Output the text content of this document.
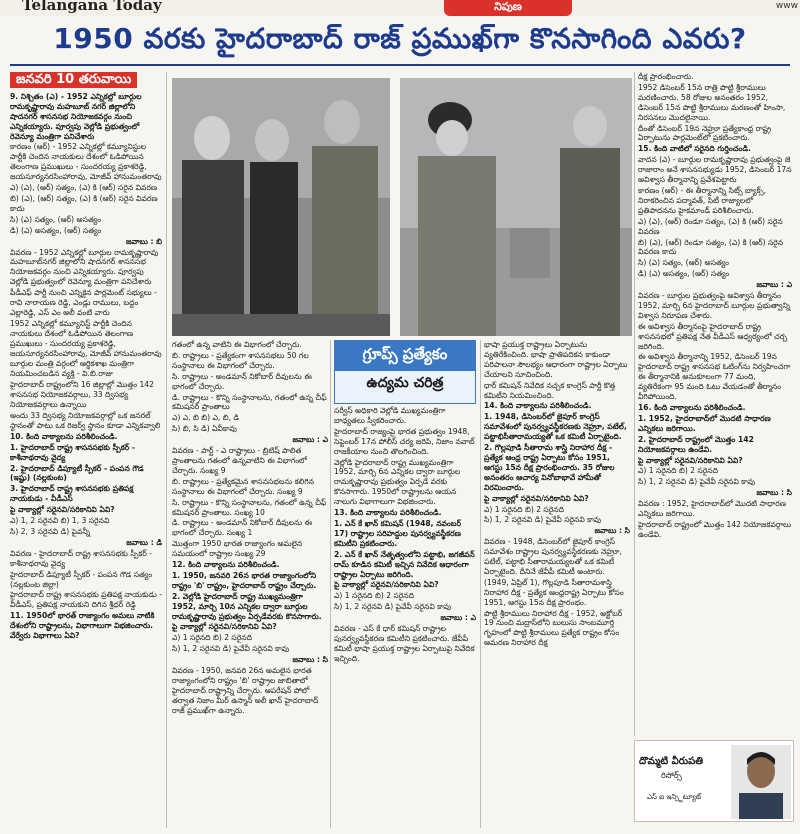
Telangana Today	నిపుణ	www
1950 వరకు హైదరాబాద్ రాజ్ ప్రముఖ్‌గా కొనసాగింది ఎవరు?
జనవరి 10 తరువాయి

9. నిశ్చితం (ఎ) - 1952 ఎన్నికల్లో బూర్గుల రామకృష్ణారావు మహబూబ్ నగర్ జిల్లాలోని షాదనగర్ శాసనసభ నియోజకవర్గం నుంచి ఎన్నికయ్యారు. పూర్వపు వెల్లోడి ప్రభుత్వంలో రెవెన్యూ మంత్రిగా పనిచేశారు

కారణం (ఆర్) - 1952 ఎన్నికల్లో కమ్యూనిస్టుల పార్టీకి చెందిన నాయకులు దేశంలో ఓడిపోయిన తెలంగాణ ప్రముఖులు - సుందరయ్య ప్రకాశరెడ్డి, జయసూర్య‌నరసింహారావు, మోజీవ్ హానుమంతరావు

ఎ) (ఎ), (ఆర్) సత్యం, (ఎ) కి (ఆర్) సరైన వివరణ

బి) (ఎ), (ఆర్) సత్యం, (ఎ) కి (ఆర్) సరైన వివరణ కాదు

సి) (ఎ) సత్యం, (ఆర్) అసత్యం

డి) (ఎ) అసత్యం, (ఆర్) సత్యం

జవాబు : బి

వివరణ - 1952 ఎన్నికల్లో బూర్గుల రామకృష్ణారావు మహబూబ్‌నగర్ జిల్లాలోని షాదనగర్ శాసనసభ నియోజకవర్గం నుంచి ఎన్నికయ్యారు. పూర్వపు వెల్లోడి ప్రభుత్వంలో రెవెన్యూ మంత్రిగా పనిచేశారు

పీడీఎఫ్ పార్టీ నుంచి ఎన్నికైన పార్లమెంట్ సభ్యులు - రావి నారాయణ రెడ్డి, ఎండ్లు రాములు, బద్దం ఎల్లారెడ్డి, ఎస్ ఎం అలీ వంటి వారు

1952 ఎన్నికల్లో కమ్యూనిస్ట్ పార్టీకి చెందిన నాయకులు దేశంలో ఓడిపోయిన తెలంగాణ ప్రముఖులు - సుందరయ్య ప్రకాశరెడ్డి, జయసూర్య‌నరసింహారావు, మోజీవ్ హానుమంతరావు

బూర్గుల మంత్రి వర్గంలో ఆర్థికశాఖ మంత్రిగా నియమించబడిన వ్యక్తి - వి.బి.రాజు

హైదరాబాద్ రాష్ట్రంలోని 16 జిల్లాల్లో మొత్తం 142 శాసనసభ నియోజకవర్గాలు, 33 ద్విసభ్య నియోజకవర్గాలు ఉన్నాయి

అందు 33 ద్విసభ్య నియోజకవర్గాల్లో ఒక జనరల్ స్థానంతో పాటు ఒక రిజర్వ్ స్థానం కూడా ఎన్నికవ్వాలి

10. కింది వాక్యాలను పరిశీలించండి.

1. హైదరాబాద్ రాష్ట్ర శాసనసభకు స్పీకర్ - కాశీనాథరావు వైద్య

2. హైదరాబాద్ డిప్యూటీ స్పీకర్ - పంపన గౌడ (ఇష్టు) (నల్లకుంట)

3. హైదరాబాద్ రాష్ట్ర శాసనసభకు ప్రతిపక్ష నాయకుడు - వీడీఎస్

పై వాక్యాల్లో సరైనవి/సరికానివి ఏవి?

ఎ) 1, 2 సరైనవి బి) 1, 3 సరైనవి

సి) 2, 3 సరైనవి డి) పైవన్నీ

జవాబు : డి

వివరణ - హైదరాబాద్ రాష్ట్ర శాసనసభకు స్పీకర్ - కాశీనాథరావు వైద్య

హైదరాబాద్ డిప్యూటీ స్పీకర్ - పంపన గౌడ సత్యం (నల్లకుంట జిల్లా)

హైదరాబాద్ రాష్ట్ర శాసనసభకు ప్రతిపక్ష నాయకుడు - వీడీఎస్, ప్రతిపక్ష నాయకుని దిగిన శ్రీధర్ రెడ్డి

11. 1950లో భారత్ రాజ్యాంగం అమలు నాటికి దేశంలోని రాష్ట్రాలను, విభాగాలుగా విభజించారు. వేర్వేరు విభాగాలు ఏవి?

గ్రూప్స్ ప్రత్యేకం
ఉద్యమ చరిత్ర

గతంలో ఉన్న వాటిని ఈ విభాగంలో చేర్చారు.

బి. రాష్ట్రాలు - ప్రత్యేకంగా శాసనసభలు 50 గల సంస్థానాలు ఈ విభాగంలో చేర్చారు.

సి. రాష్ట్రాలు - అండమాన్ నికోబార్ దీవులను ఈ భాగంలో చేర్చారు.

డి. రాష్ట్రాలు - కొన్ని సంస్థానాలను, గతంలో ఉన్న చీఫ్ కమిషనర్ ప్రాంతాలు

ఎ) ఎ, బి బి) ఎ, బి, డి

సి) బి, సి డి) ఏవీకావు

జవాబు : ఎ

వివరణ - పార్ట్ - ఎ రాష్ట్రాలు - బ్రిటిష్ పాలిత ప్రాంతాలను గతంలో ఉన్నవాటిని ఈ విభాగంలో చేర్చారు. సంఖ్య 9

బి. రాష్ట్రాలు - ప్రత్యేకమైన శాసనసభలను కలిగిన సంస్థానాలు ఈ విభాగంలో చేర్చారు. సంఖ్య 9

సి. రాష్ట్రాలు - కొన్ని సంస్థానాలను, గతంలో ఉన్న చీఫ్ కమిషనర్ ప్రాంతాలు. సంఖ్య 10

డి. రాష్ట్రాలు - అండమాన్ నికోబార్ దీవులను ఈ భాగంలో చేర్చారు. సంఖ్య 1

మొత్తంగా 1950 భారత రాజ్యాంగం అమలైన సమయంలో రాష్ట్రాల సంఖ్య 29

12. కింది వాక్యాలను పరిశీలించండి.

1. 1950, జనవరి 26న భారత రాజ్యాంగంలోని రాష్ట్రం 'బి' రాష్ట్రం, హైదరాబాద్‌ రాష్ట్రం చేర్చారు.

2. వెల్లోడి హైదరాబాద్ రాష్ట్ర ముఖ్యమంత్రిగా 1952, మార్చి 10న ఎన్నికల ద్వారా బూర్గుల రామకృష్ణారావు ప్రభుత్వం ఏర్పడేవరకు కొనసాగారు.

పై వాక్యాల్లో సరైనవి/సరికానివి ఏవి?

ఎ) 1 సరైనది బి) 2 సరైనది

సి) 1, 2 సరైనవి డి) పైవేవీ సరైనవి కావు

జవాబు : సి

వివరణ - 1950, జనవరి 26న అమలైన భారత రాజ్యాంగంలోని రాష్ట్రం 'బి' రాష్ట్రాల జాబితాలో హైదరాబాద్ రాష్ట్రాన్ని చేర్చారు. ఆపరేషన్ పోలో తర్వాత నిజాం మీర్ ఉస్మాన్ అలీ ఖాన్ హైదరాబాద్ రాజ్ ప్రముఖ్‌గా ఉన్నారు.

సర్వీస్ అధికారి వెల్లోడి ముఖ్యమంత్రిగా బాధ్యతలు స్వీకరించారు.

హైదరాబాద్ రాజ్యంపై భారత ప్రభుత్వం 1948, సెప్టెంబర్ 17న పోలీస్ చర్య జరిపి, నిజాం నవాబ్ రాజకీయాల నుంచి తొలగించింది.

వెల్లోడి హైదరాబాద్ రాష్ట్ర ముఖ్యమంత్రిగా 1952, మార్చి 6న ఎన్నికల ద్వారా బూర్గుల రామకృష్ణారావు ప్రభుత్వం ఏర్పడే వరకు కొనసాగారు. 1950లో రాష్ట్రాలను ఆయన నాలుగు విభాగాలుగా విభజించారు.

13. కింది వాక్యాలను పరిశీలించండి.

1. ఎన్ కే ఖాన్ కమిషన్ (1948, నవంబర్ 17) రాష్ట్రాల సరిహద్దుల పునర్వ్యవస్థీకరణ కమిటీని ప్రకటించారు.

2. ఎన్ కే ఖాన్ నేతృత్వంలోని పట్టాభి, జగజీవన్ రామ్ కూడిన కమిటీ ఇచ్చిన నివేదిక ఆధారంగా రాష్ట్రాల ఏర్పాటు జరిగింది.

పై వాక్యాల్లో సరైనవి/సరికానివి ఏవి?

ఎ) 1 సరైనది బి) 2 సరైనది

సి) 1, 2 సరైనవి డి) పైవేవీ సరైనవి కావు

జవాబు : ఎ

వివరణ - ఎస్ కే ధార్ కమిషన్ రాష్ట్రాల పునర్వ్యవస్థీకరణ కమిటీని ప్రకటించారు. జేవీపీ కమిటీ భాషా ప్రయుక్త రాష్ట్రాల ఏర్పాటుపై నివేదిక ఇచ్చింది.

భాషా ప్రయుక్త రాష్ట్రాలు ఏర్పాటును వ్యతిరేకించింది. భాషా ప్రాతిపదికన కాకుండా పరిపాలనా సౌలభ్యం ఆధారంగా రాష్ట్రాల ఏర్పాటు చేయాలని సూచించింది.

ధార్ కమిషన్ నివేదిక నచ్చక కాంగ్రెస్ పార్టీ కొత్త కమిటీని నియమించింది.

14. కింది వాక్యాలను పరిశీలించండి.

1. 1948, డిసెంబర్‌లో జైపూర్ కాంగ్రెస్ సమావేశంలో పునర్వ్యవస్థీకరణకు నెహ్రూ, పటేల్, పట్టాభిసీతారామయ్యతో ఒక కమిటీ ఏర్పాటైంది.

2. గొల్లపూడి సీతారామ శాస్త్రి నిరాహార దీక్ష - ప్రత్యేక ఆంధ్ర రాష్ట్ర ఏర్పాటు కోసం 1951, ఆగస్టు 15న దీక్ష ప్రారంభించారు. 35 రోజుల అనంతరం ఆచార్య వినోబాభావే హామీతో విరమించారు.

పై వాక్యాల్లో సరైనవి/సరికానివి ఏవి?

ఎ) 1 సరైనది బి) 2 సరైనది

సి) 1, 2 సరైనవి డి) పైవేవీ సరైనవి కావు

జవాబు : సి

వివరణ - 1948, డిసెంబర్‌లో జైపూర్ కాంగ్రెస్ సమావేశం రాష్ట్రాల పునర్వ్యవస్థీకరణకు నెహ్రూ, పటేల్, పట్టాభి సీతారామయ్యలతో ఒక కమిటీ ఏర్పాటైంది. దీనినే జేవీపీ కమిటీ అంటారు.

(1949, ఏప్రిల్ 1), గొల్లపూడి సీతారామశాస్త్రి నిరాహార దీక్ష - ప్రత్యేక ఆంధ్రరాష్ట్ర ఏర్పాటు కోసం 1951, ఆగస్టు 15న దీక్ష ప్రారంభం.

పొట్టి శ్రీరాములు నిరాహార దీక్ష - 1952, అక్టోబర్ 19 నుంచి మద్రాస్‌లోని బులుసు సాంబమూర్తి గృహంలో పొట్టి శ్రీరాములు ప్రత్యేక రాష్ట్రం కోసం ఆమరణ నిరాహార దీక్ష

దీక్ష ప్రారంభించారు.

1952 డిసెంబర్ 15న రాత్రి పొట్టి శ్రీరాములు మరణించారు. 58 రోజుల అనంతరం 1952, డిసెంబర్ 15న పొట్టి శ్రీరాములు మరణంతో హింసా, నిరసనలు మొదలైనాయి.

దీంతో డిసెంబర్ 19న నెహ్రూ ప్రత్యేకాంధ్ర రాష్ట్ర ఏర్పాటును పార్లమెంట్‌లో ప్రకటించారు.

15. కింది వాటిలో సరైనది గుర్తించండి.

వాదన (ఎ) - బూర్గుల రామకృష్ణారావు ప్రభుత్వంపై జె రాజారాం అనే శాసనసభ్యుడు 1952, డిసెంబర్ 17న అవిశ్వాస తీర్మానాన్ని ప్రవేశపెట్టారు

కారణం (ఆర్) - ఈ తీర్మానాన్ని సిట్స్ బ్యాక్స్, నిరాకరించిన పద్మావత్, సిటీ రాజ్యాలలో ప్రతిపాదనను హైకమాండ్ పరిశీలించారు.

ఎ) (ఎ), (ఆర్) రెండూ సత్యం, (ఎ) కి (ఆర్) సరైన వివరణ

బి) (ఎ), (ఆర్) రెండూ సత్యం, (ఎ) కి (ఆర్) సరైన వివరణ కాదు

సి) (ఎ) సత్యం, (ఆర్) అసత్యం

డి) (ఎ) అసత్యం, (ఆర్) సత్యం

జవాబు : ఎ

వివరణ - బూర్గుల ప్రభుత్వంపై అవిశ్వాస తీర్మానం 1952, మార్చి 6న హైదరాబాద్ బూర్గుల ప్రభుత్వాన్ని విశ్వాస నిరూపణ చేశారు.

ఈ అవిశ్వాస తీర్మానంపై హైదరాబాద్ రాష్ట్ర శాసనసభలో ప్రతిపక్ష నేత వీడీఎస్ ఆధ్వర్యంలో చర్చ జరిగింది.

ఈ అవిశ్వాస తీర్మానాన్ని 1952, డిసెంబర్ 19న హైదరాబాద్ రాష్ట్ర శాసనసభ ఓటింగ్‌ను నిర్వహించగా ఈ తీర్మానానికి అనుకూలంగా 77 మంది, వ్యతిరేకంగా 95 మంది ఓటు వేయడంతో తీర్మానం వీగిపోయింది.

16. కింది వాక్యాలను పరిశీలించండి.

1. 1952, హైదరాబాద్‌లో మొదటి సాధారణ ఎన్నికలు జరిగాయి.

2. హైదరాబాద్ రాష్ట్రంలో మొత్తం 142 నియోజకవర్గాలు ఉండేవి.

పై వాక్యాల్లో సరైనవి/సరికానివి ఏవి?

ఎ) 1 సరైనది బి) 2 సరైనది

సి) 1, 2 సరైనవి డి) పైవేవీ సరైనవి కావు

జవాబు : సి

వివరణ : 1952, హైదరాబాద్‌లో మొదటి సాధారణ ఎన్నికలు జరిగాయి.

హైదరాబాద్ రాష్ట్రంలో మొత్తం 142 నియోజకవర్గాలు ఉండేవి.

దొమ్మటి వీరుపతి
రిసోర్స్
ఎస్ ఐ ఇన్స్టిట్యూట్
